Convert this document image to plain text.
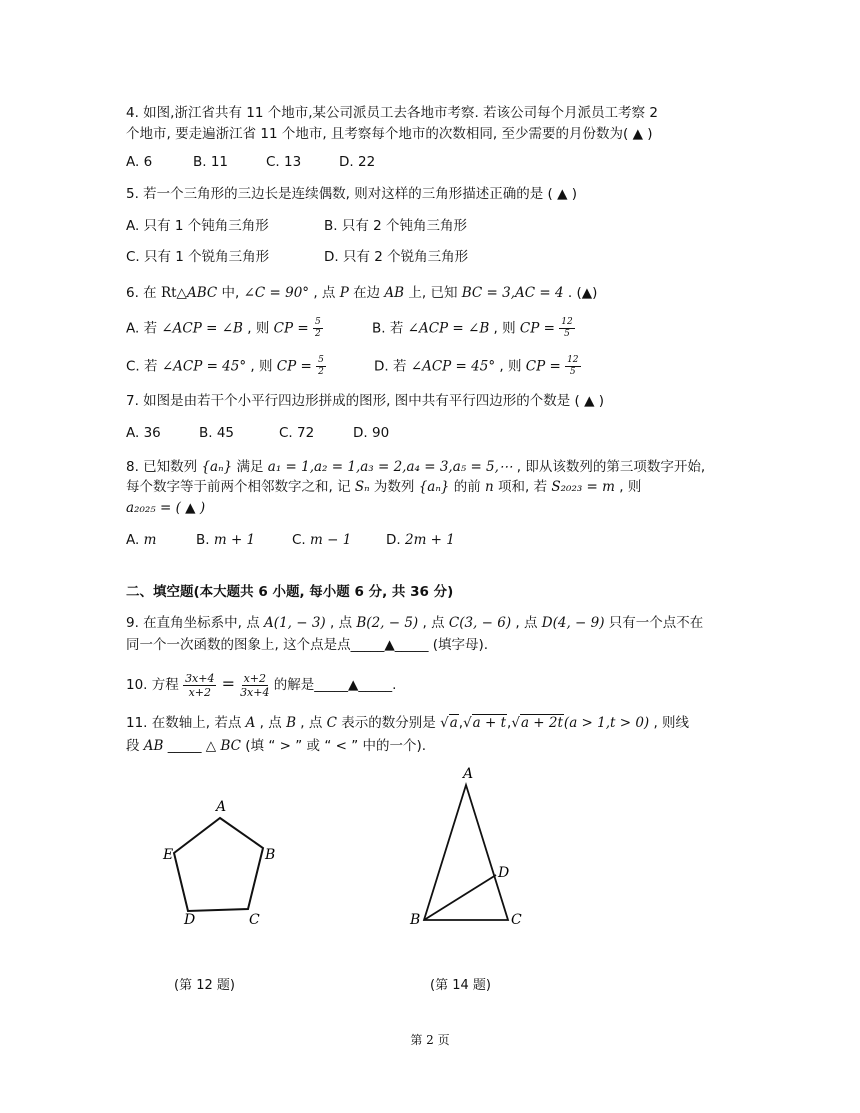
4. 如图,浙江省共有 11 个地市,某公司派员工去各地市考察. 若该公司每个月派员工考察 2
个地市, 要走遍浙江省 11 个地市, 且考察每个地市的次数相同, 至少需要的月份数为( ▲ )
A. 6	B. 11	C. 13	D. 22
5. 若一个三角形的三边长是连续偶数, 则对这样的三角形描述正确的是 ( ▲ )
A. 只有 1 个钝角三角形	B. 只有 2 个钝角三角形
C. 只有 1 个锐角三角形	D. 只有 2 个锐角三角形
6. 在 Rt△ABC 中, ∠C = 90° , 点 P 在边 AB 上, 已知 BC = 3,AC = 4 . (▲)
A. 若 ∠ACP = ∠B , 则 CP = $\frac{5}{2}$	B. 若 ∠ACP = ∠B , 则 CP = $\frac{12}{5}$
C. 若 ∠ACP = 45° , 则 CP = $\frac{5}{2}$	D. 若 ∠ACP = 45° , 则 CP = $\frac{12}{5}$
7. 如图是由若干个小平行四边形拼成的图形, 图中共有平行四边形的个数是 ( ▲ )
A. 36	B. 45	C. 72	D. 90
8. 已知数列 {aₙ} 满足 a₁ = 1,a₂ = 1,a₃ = 2,a₄ = 3,a₅ = 5,⋯ , 即从该数列的第三项数字开始,
每个数字等于前两个相邻数字之和, 记 Sₙ 为数列 {aₙ} 的前 n 项和, 若 S₂₀₂₃ = m , 则
a₂₀₂₅ = ( ▲ )
A. m	B. m + 1	C. m − 1	D. 2m + 1
二、填空题(本大题共 6 小题, 每小题 6 分, 共 36 分)
9. 在直角坐标系中, 点 A(1, − 3) , 点 B(2, − 5) , 点 C(3, − 6) , 点 D(4, − 9) 只有一个点不在
同一个一次函数的图象上, 这个点是点_____▲_____ (填字母).
10. 方程 $\frac{3x+4}{x+2} = \frac{x+2}{3x+4}$ 的解是_____▲_____.
11. 在数轴上, 若点 A , 点 B , 点 C 表示的数分别是 √a,√a + t,√a + 2t(a > 1,t > 0) , 则线
段 AB _____ △ BC (填 “ > ” 或 “ < ” 中的一个).
A
B
C
D
E
(第 12 题)
A
B	C
D
(第 14 题)
第 2 页
